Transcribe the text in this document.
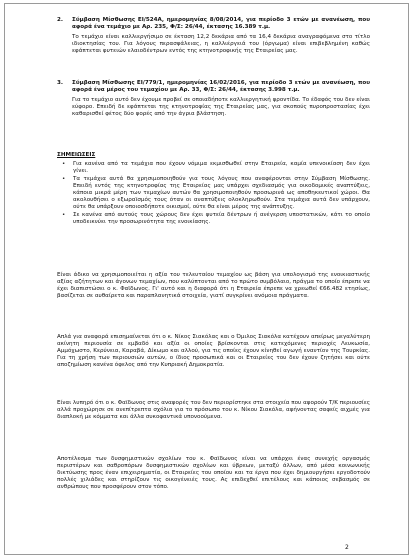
2. Σύμβαση Μίσθωσης ΕΙ/524Α, ημερομηνίας 8/08/2014, για περίοδο 3 ετών με ανανέωση, που αφορά ένα τεμάχιο με Αρ. 235, Φ/Σ: 26/44, έκτασης 16.389 τ.μ.
Το τεμάχιο είναι καλλιεργήσιμο σε έκταση 12,2 δεκάρια από τα 16,4 δεκάρια αναγραφόμενα στο τίτλο ιδιοκτησίας του. Για λόγους περασφάλειας, η καλλιέργειά του (όργωμα) είναι επιβεβλημένη καθώς εφάπτεται φυτειών ελαιοδέντρων εντός της κτηνοτροφικής της Εταιρείας μας.
3. Σύμβαση Μίσθωσης ΕΙ/779/1, ημερομηνίας 16/02/2016, για περίοδο 3 ετών με ανανέωση, που αφορά ένα μέρος του τεμαχίου με Αρ. 33, Φ/Σ: 26/44, έκτασης 3.998 τ.μ.
Για το τεμάχιο αυτό δεν έχουμε προβεί σε οποιαδήποτε καλλιεργητική φροντίδα. Το έδαφός του δεν είναι εύφορο. Επειδή δε εφάπτεται της κτηνοτροφίας της Εταιρείας μας, για σκοπούς πυροπροστασίας έχει καθαρισθεί φέτος δύο φορές από την άγρια βλάστηση.
ΣΗΜΕΙΩΣΕΙΣ
• Για κανένα από τα τεμάχια που έχουν νόμιμα εκμισθωθεί στην Εταιρεία, καμία υπενοικίαση δεν έχει γίνει.
• Τα τεμάχια αυτά θα χρησιμοποιηθούν για τους λόγους που αναφέρονται στην Σύμβαση Μίσθωσης. Επειδή εντός της κτηνοτροφίας της Εταιρείας μας υπάρχει σχεδιασμός για οικοδομικές αναπτύξεις, κάποια μικρά μέρη των τεμαχίων αυτών θα χρησιμοποιηθούν προσωρινά ως αποθηκευτικοί χώροι. Θα ακολουθήσει ο εξωραϊσμός τους όταν οι αναπτύξεις ολοκληρωθούν. Στα τεμάχια αυτά δεν υπάρχουν, ούτε θα υπάρξουν οποιοσδήποτε οικισμοί, ούτε θα είναι μέρος της ανάπτυξης.
• Σε κανένα από αυτούς τους χώρους δεν έχει φυτεία δέντρων ή ανέγερση υποστατικών, κάτι το οποίο υποδεικνύει την προσωρινότητα της ενοικίασης.
Είναι άδικο να χρησιμοποιείται η αξία του τελευταίου τεμαχίου ως βάση για υπολογισμό της ενοικιαστικής αξίας αζήτητων και άγονων τεμαχίων, που καλύπτονται από το πρώτο συμβόλαιο, πράγμα το οποίο έπρεπε να έχει διαπιστώσει ο κ. Φαϊδωνος. Γι' αυτό και η διαφορά ότι η Εταιρεία έπρεπε να χρεωθεί €66.482 ετησίως, βασίζεται σε αυθαίρετα και παραπλανητικά στοιχεία, γιατί συγκρίνει ανόμοια πράγματα.
Απλά για αναφορά επισημαίνεται ότι ο κ. Νίκος Σιακόλας και ο Όμιλος Σιακόλα κατέχουν απείρως μεγαλύτερη ακίνητη περιουσία σε εμβαδό και αξία οι οποίες βρίσκονται στις κατεχόμενες περιοχές Λευκωσία, Αμμόχωστο, Κερύνεια, Καραβά, Δίκωμο και αλλού, για τις οποίες έχουν κίνηθεί αγωγή εναντίον της Τουρκίας. Για τη χρήση των περιουσιών αυτών, ο ίδιος προσωπικά και οι Εταιρείες του δεν έχουν ζητήσει και ούτε αποζημίωση κανένα όφελος από την Κυπριακή Δημοκρατία.
Είναι λυπηρό ότι ο κ. Φαϊδωνος στις αναφορές του δεν περιορίστηκε στα στοιχεία που αφορούν Τ/Κ περιουσίες αλλά προχώρησε σε ανεπίτρεπτα σχόλια για το πρόσωπο του κ. Νίκου Σιακόλα, αφήνοντας σαφείς αιχμές για διαπλοκή με κόμματα και άλλα συκοφαντικά υπονοούμενα.
Αποτέλεσμα των δυσφημιστικών σχολίων του κ. Φαϊδωνος είναι να υπάρχει ένας συνεχής οργασμός περιστέρων και σαθροπόρων δυσφημιστικών σχολίων και ύβρεων, μεταξύ άλλων, από μέσα κοινωνικής δικτύωσης προς έναν επιχειρηματία, οι Εταιρείες του οποίου και τα έργα που έχει δημιουργήσει εργοδοτούν πολλές χιλιάδες και στηρίζουν τις οικογένειές τους. Ας επιδεχθεί επιτέλους και κάποιος σεβασμός σε ανθρώπους που προσφέρουν στον τόπο.
2
